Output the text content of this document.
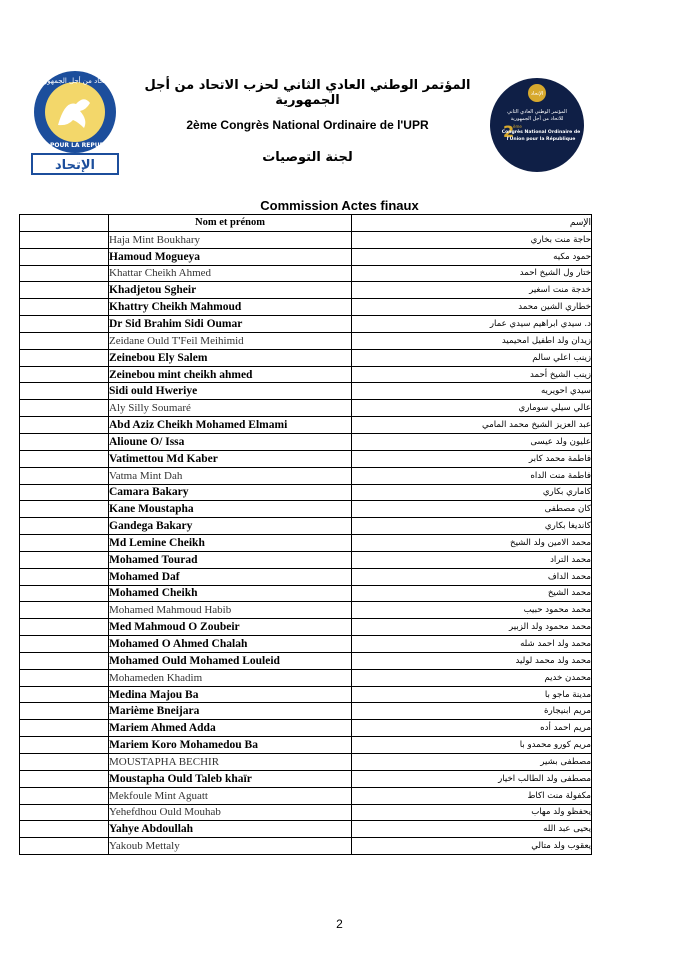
الإتحاد من أجل الجمهورية
UNION POUR LA REPUBLIQUE
الإتحاد
الإتحاد
المؤتمر الوطني العادي الثاني
للاتحاد من أجل الجمهورية
2
ème
Congrès National Ordinaire de
l'Union pour la République
المؤتمر الوطني العادي الثاني لحزب الاتحاد من أجل الجمهورية
2ème Congrès National Ordinaire de l'UPR
لجنة التوصيات
Commission Actes finaux
	Nom et prénom	الإسم
	Haja Mint Boukhary	حاجة منت بخاري
	Hamoud Mogueya	حمود مكيه
	Khattar Cheikh Ahmed	ختار ول الشيخ احمد
	Khadjetou Sgheir	خدجة منت اسغير
	Khattry Cheikh Mahmoud	خطاري الشين محمد
	Dr Sid Brahim Sidi Oumar	د. سيدي ابراهيم سيدي عمار
	Zeidane Ould T'Feil Meihimid	زيدان ولد اطفيل امحيميد
	Zeinebou Ely Salem	زينب اعلي سالم
	Zeinebou mint cheikh ahmed	زينب الشيخ أحمد
	Sidi ould Hweriye	سيدي احويريه
	Aly Silly Soumaré	عالي سيلي سوماري
	Abd Aziz Cheikh Mohamed Elmami	عبد العزيز الشيخ محمد المامي
	Alioune O/ Issa	عليون ولد عيسى
	Vatimettou Md Kaber	فاطمة محمد كابر
	Vatma Mint Dah	فاطمة منت الداه
	Camara Bakary	كاماري بكاري
	Kane Moustapha	كان مصطفى
	Gandega Bakary	كانديغا بكاري
	Md Lemine Cheikh	محمد الامين ولد الشيخ
	Mohamed Tourad	محمد التراد
	Mohamed Daf	محمد الداف
	Mohamed Cheikh	محمد الشيخ
	Mohamed Mahmoud Habib	محمد محمود حبيب
	Med Mahmoud O Zoubeir	محمد محمود ولد الزبير
	Mohamed O Ahmed Chalah	محمد ولد احمد شله
	Mohamed Ould Mohamed Louleid	محمد ولد محمد لوليد
	Mohameden Khadim	محمدن خديم
	Medina Majou Ba	مدينة ماجو با
	Marième Bneijara	مريم ابنيجارة
	Mariem Ahmed Adda	مريم احمد أده
	Mariem Koro Mohamedou Ba	مريم كورو محمدو با
	MOUSTAPHA BECHIR	مصطفى بشير
	Moustapha Ould Taleb khaïr	مصطفى ولد الطالب اخيار
	Mekfoule Mint Aguatt	مكفولة منت اكاط
	Yehefdhou Ould Mouhab	يحفظو ولد مهاب
	Yahye Abdoullah	يحيى عبد الله
	Yakoub Mettaly	يعقوب ولد متالي
2
